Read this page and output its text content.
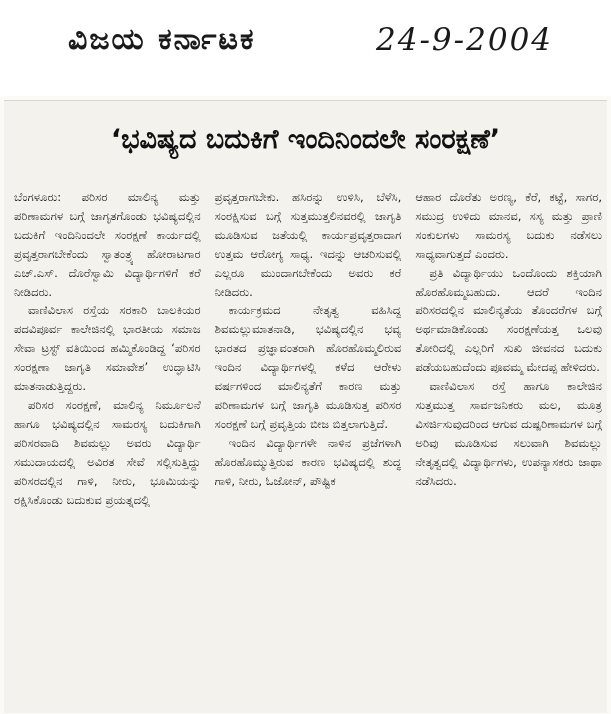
ವಿಜಯ ಕರ್ನಾಟಕ	24-9-2004
‘ಭವಿಷ್ಯದ ಬದುಕಿಗೆ ಇಂದಿನಿಂದಲೇ ಸಂರಕ್ಷಣೆ’

ಬೆಂಗಳೂರು: ಪರಿಸರ ಮಾಲಿನ್ಯ ಮತ್ತು ಪರಿಣಾಮಗಳ ಬಗ್ಗೆ ಜಾಗೃತಗೊಂಡು ಭವಿಷ್ಯದಲ್ಲಿನ ಬದುಕಿಗೆ ಇಂದಿನಿಂದಲೇ ಸಂರಕ್ಷಣೆ ಕಾರ್ಯದಲ್ಲಿ ಪ್ರವೃತ್ತರಾಗಬೇಕೆಂದು ಸ್ವಾತಂತ್ರ್ಯ ಹೋರಾಟಗಾರ ಎಚ್.ಎಸ್. ದೊರೆಸ್ವಾಮಿ ವಿದ್ಯಾರ್ಥಿಗಳಿಗೆ ಕರೆ ನೀಡಿದರು.

ವಾಣಿವಿಲಾಸ ರಸ್ತೆಯ ಸರಕಾರಿ ಬಾಲಕಿಯರ ಪದವಿಪೂರ್ವ ಕಾಲೇಜಿನಲ್ಲಿ ಭಾರತೀಯ ಸಮಾಜ ಸೇವಾ ಟ್ರಸ್ಟ್ ವತಿಯಿಂದ ಹಮ್ಮಿಕೊಂಡಿದ್ದ ‘ಪರಿಸರ ಸಂರಕ್ಷಣಾ ಜಾಗೃತಿ ಸಮಾವೇಶ’ ಉದ್ಘಾಟಿಸಿ ಮಾತನಾಡುತ್ತಿದ್ದರು.

ಪರಿಸರ ಸಂರಕ್ಷಣೆ, ಮಾಲಿನ್ಯ ನಿರ್ಮೂಲನೆ ಹಾಗೂ ಭವಿಷ್ಯದಲ್ಲಿನ ಸಾಮರಸ್ಯ ಬದುಕಿಗಾಗಿ ಪರಿಸರವಾದಿ ಶಿವಮಲ್ಲು ಅವರು ವಿದ್ಯಾರ್ಥಿ ಸಮುದಾಯದಲ್ಲಿ ಅವಿರತ ಸೇವೆ ಸಲ್ಲಿಸುತ್ತಿದ್ದು ಪರಿಸರದಲ್ಲಿನ ಗಾಳಿ, ನೀರು, ಭೂಮಿಯನ್ನು ರಕ್ಷಿಸಿಕೊಂಡು ಬದುಕುವ ಪ್ರಯತ್ನದಲ್ಲಿ

ಪ್ರವೃತ್ತರಾಗಬೇಕು. ಹಸಿರನ್ನು ಉಳಿಸಿ, ಬೆಳೆಸಿ, ಸಂರಕ್ಷಿಸುವ ಬಗ್ಗೆ ಸುತ್ತಮುತ್ತಲಿನವರಲ್ಲಿ ಜಾಗೃತಿ ಮೂಡಿಸುವ ಜತೆಯಲ್ಲಿ ಕಾರ್ಯಪ್ರವೃತ್ತರಾದಾಗ ಉತ್ತಮ ಆರೋಗ್ಯ ಸಾಧ್ಯ. ಇದನ್ನು ಆಚರಿಸುವಲ್ಲಿ ಎಲ್ಲರೂ ಮುಂದಾಗಬೇಕೆಂದು ಅವರು ಕರೆ ನೀಡಿದರು.

ಕಾರ್ಯಕ್ರಮದ ನೇತೃತ್ವ ವಹಿಸಿದ್ದ ಶಿವಮಲ್ಲುಮಾತನಾಡಿ, ಭವಿಷ್ಯದಲ್ಲಿನ ಭವ್ಯ ಭಾರತದ ಪ್ರಜ್ಞಾವಂತರಾಗಿ ಹೊರಹೊಮ್ಮಲಿರುವ ಇಂದಿನ ವಿದ್ಯಾರ್ಥಿಗಳಲ್ಲಿ ಕಳೆದ ಆರೇಳು ವರ್ಷಗಳಿಂದ ಮಾಲಿನ್ಯತೆಗೆ ಕಾರಣ ಮತ್ತು ಪರಿಣಾಮಗಳ ಬಗ್ಗೆ ಜಾಗೃತಿ ಮೂಡಿಸುತ್ತ ಪರಿಸರ ಸಂರಕ್ಷಣೆ ಬಗ್ಗೆ ಪ್ರವೃತ್ತಿಯ ಬೀಜ ಬಿತ್ತಲಾಗುತ್ತಿದೆ.

ಇಂದಿನ ವಿದ್ಯಾರ್ಥಿಗಳೇ ನಾಳಿನ ಪ್ರಜೆಗಳಾಗಿ ಹೊರಹೊಮ್ಮುತ್ತಿರುವ ಕಾರಣ ಭವಿಷ್ಯದಲ್ಲಿ ಶುದ್ಧ ಗಾಳಿ, ನೀರು, ಓಜೋನ್, ಪೌಷ್ಟಿಕ

ಆಹಾರ ದೊರೆತು ಅರಣ್ಯ, ಕೆರೆ, ಕಟ್ಟೆ, ಸಾಗರ, ಸಮುದ್ರ ಉಳಿದು ಮಾನವ, ಸಸ್ಯ ಮತ್ತು ಪ್ರಾಣಿ ಸಂಕುಲಗಳು ಸಾಮರಸ್ಯ ಬದುಕು ನಡೆಸಲು ಸಾಧ್ಯವಾಗುತ್ತದೆ ಎಂದರು.

ಪ್ರತಿ ವಿದ್ಯಾರ್ಥಿಯು ಒಂದೊಂದು ಶಕ್ತಿಯಾಗಿ ಹೊರಹೊಮ್ಮಬಹುದು. ಆದರೆ ಇಂದಿನ ಪರಿಸರದಲ್ಲಿನ ಮಾಲಿನ್ಯತೆಯ ತೊಂದರೆಗಳ ಬಗ್ಗೆ ಅರ್ಥಮಾಡಿಕೊಂಡು ಸಂರಕ್ಷಣೆಯತ್ತ ಒಲವು ತೋರಿದಲ್ಲಿ ಎಲ್ಲರಿಗೆ ಸುಖಿ ಜೀವನದ ಬದುಕು ಪಡೆಯಬಹುದೆಂದು ಪೂವಮ್ಮ ಮೇದಪ್ಪ ಹೇಳಿದರು.

ವಾಣಿವಿಲಾಸ ರಸ್ತೆ ಹಾಗೂ ಕಾಲೇಜಿನ ಸುತ್ತಮುತ್ತ ಸಾರ್ವಜನಿಕರು ಮಲ, ಮೂತ್ರ ವಿಸರ್ಜಿಸುವುದರಿಂದ ಆಗುವ ದುಷ್ಪರಿಣಾಮಗಳ ಬಗ್ಗೆ ಅರಿವು ಮೂಡಿಸುವ ಸಲುವಾಗಿ ಶಿವಮಲ್ಲು ನೇತೃತ್ವದಲ್ಲಿ ವಿದ್ಯಾರ್ಥಿಗಳು, ಉಪನ್ಯಾಸಕರು ಜಾಥಾ ನಡೆಸಿದರು.
